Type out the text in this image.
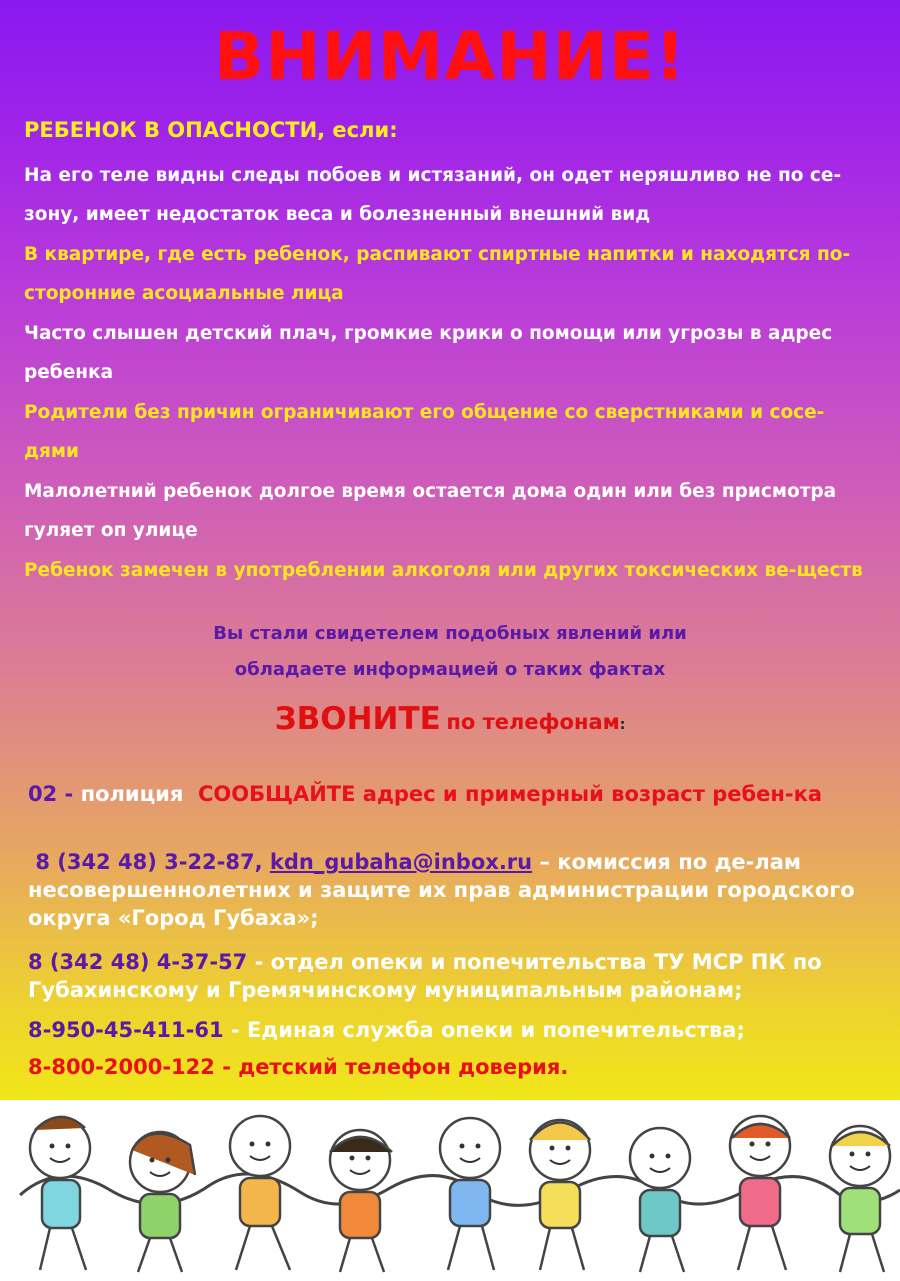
ВНИМАНИЕ!

РЕБЕНОК В ОПАСНОСТИ, если:

На его теле видны следы побоев и истязаний, он одет неряшливо не по се-зону, имеет недостаток веса и болезненный внешний вид

В квартире, где есть ребенок, распивают спиртные напитки и находятся по-сторонние асоциальные лица

Часто слышен детский плач, громкие крики о помощи или угрозы в адрес ребенка

Родители без причин ограничивают его общение со сверстниками и сосе-дями

Малолетний ребенок долгое время остается дома один или без присмотра гуляет оп улице

Ребенок замечен в употреблении алкоголя или других токсических ве-ществ

Вы стали свидетелем подобных явлений или

обладаете информацией о таких фактах

ЗВОНИТЕ по телефонам:

02 - полиция СООБЩАЙТЕ адрес и примерный возраст ребен-ка

8 (342 48) 3-22-87, kdn_gubaha@inbox.ru – комиссия по де-лам несовершеннолетних и защите их прав администрации городского округа «Город Губаха»;

8 (342 48) 4-37-57 - отдел опеки и попечительства ТУ МСР ПК по Губахинскому и Гремячинскому муниципальным районам;

8-950-45-411-61 - Единая служба опеки и попечительства;

8-800-2000-122 - детский телефон доверия.
